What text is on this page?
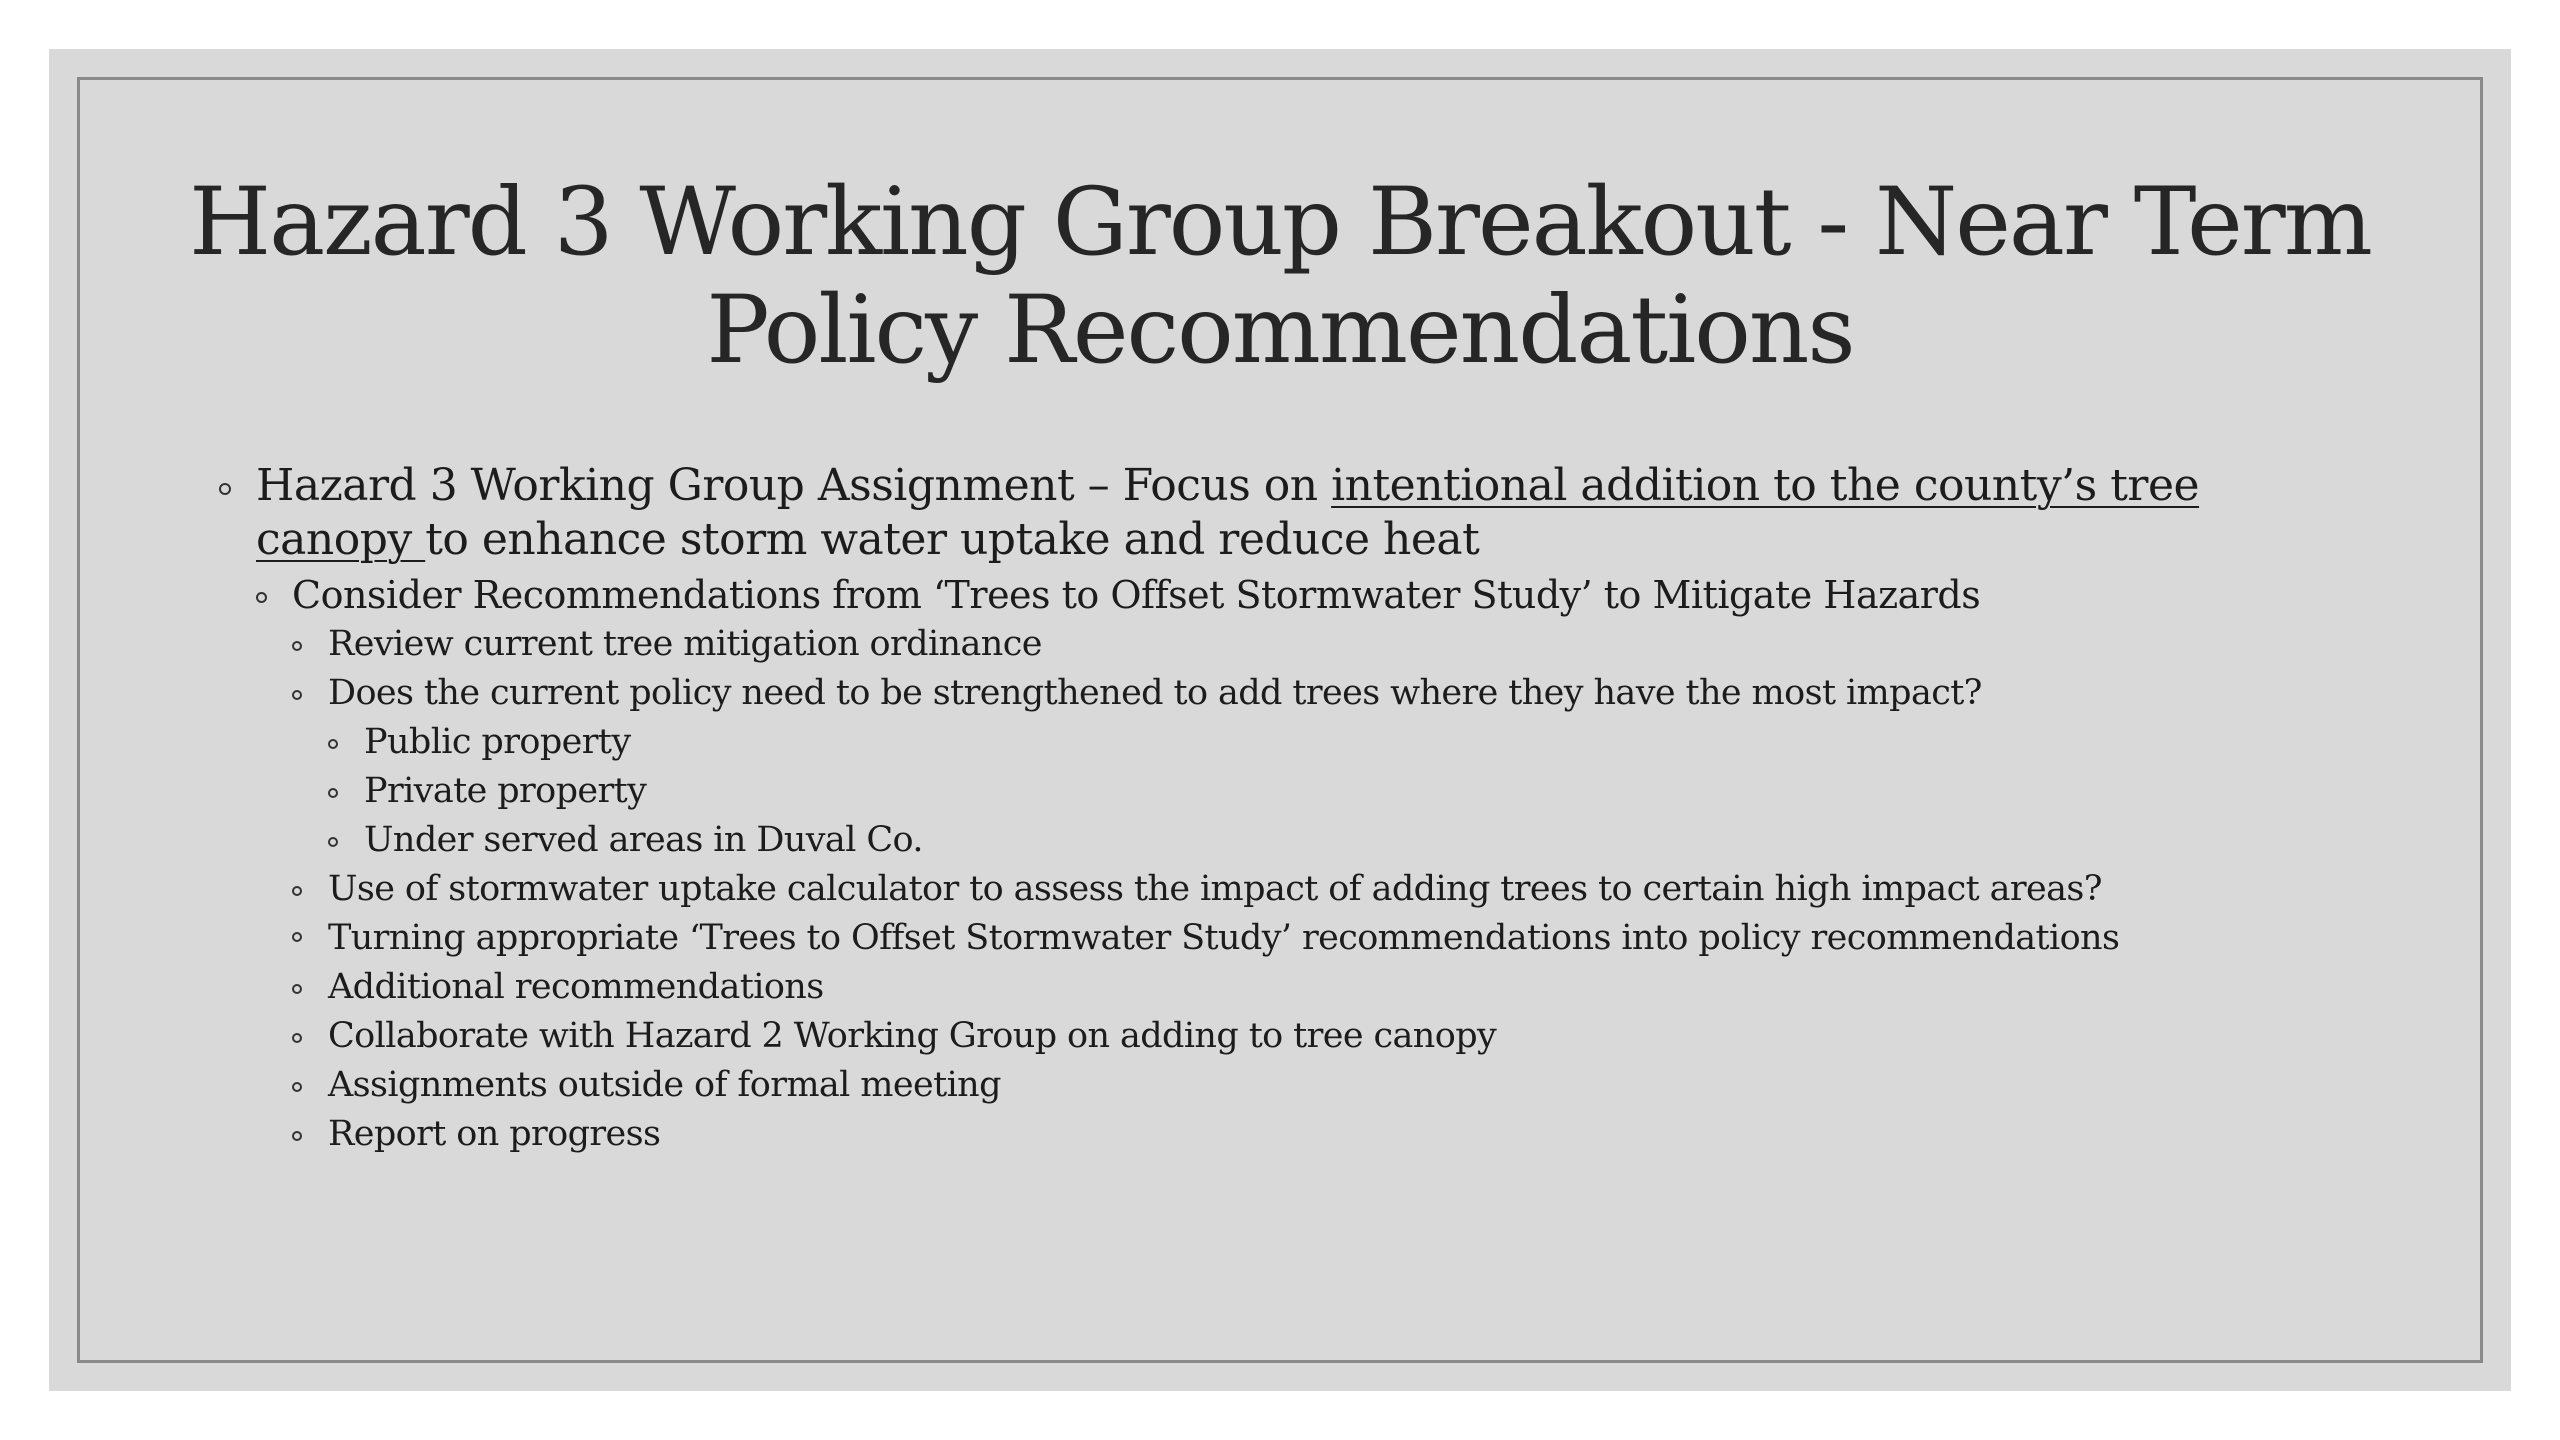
Hazard 3 Working Group Breakout - Near Term Policy Recommendations
Hazard 3 Working Group Assignment – Focus on intentional addition to the county’s tree canopy to enhance storm water uptake and reduce heat
Consider Recommendations from ‘Trees to Offset Stormwater Study’ to Mitigate Hazards
Review current tree mitigation ordinance
Does the current policy need to be strengthened to add trees where they have the most impact?
Public property
Private property
Under served areas in Duval Co.
Use of stormwater uptake calculator to assess the impact of adding trees to certain high impact areas?
Turning appropriate ‘Trees to Offset Stormwater Study’ recommendations into policy recommendations
Additional recommendations
Collaborate with Hazard 2 Working Group on adding to tree canopy
Assignments outside of formal meeting
Report on progress
